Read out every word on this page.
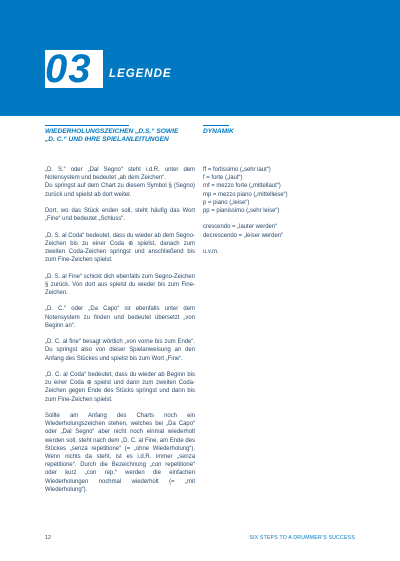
03	LEGENDE
WIEDERHOLUNGSZEICHEN „D.S.“ SOWIE
„D. C.“ UND IHRE SPIELANLEITUNGEN
DYNAMIK

„D. S.“ oder „Dal Segno“ steht i.d.R. unter dem Notensystem und bedeutet „ab dem Zeichen“.

Du springst auf dem Chart zu diesem Symbol § (Segno) zurück und spielst ab dort weiter.

Dort, wo das Stück enden soll, steht häufig das Wort „Fine“ und bedeutet „Schluss“.

„D. S. al Coda“ bedeutet, dass du wieder ab dem Segno-Zeichen bis zu einer Coda ⊕ spielst, danach zum zweiten Coda-Zeichen springst und anschließend bis zum Fine-Zeichen spielst.

„D. S. al Fine“ schickt dich ebenfalls zum Segno-Zeichen § zurück. Von dort aus spielst du wieder bis zum Fine-Zeichen.

„D. C.“ oder „Da Capo“ ist ebenfalls unter dem Notensystem zu finden und bedeutet übersetzt „von Beginn an“.

„D. C. al fine“ besagt wörtlich „von vorne bis zum Ende“. Du springst also von dieser Spielanweisung an den Anfang des Stückes und spielst bis zum Wort „Fine“.

„D. C. al Coda“ bedeutet, dass du wieder ab Beginn bis zu einer Coda ⊕ spielst und dann zum zweiten Coda-Zeichen gegen Ende des Stücks springst und dann bis zum Fine-Zeichen spielst.

Sollte am Anfang des Charts noch ein Wiederholungszeichen stehen, welches bei „Da Capo“ oder „Dal Segno“ aber nicht noch einmal wiederholt werden soll, steht nach dem „D. C. al Fine, am Ende des Stückes „senza repetitione“ (= „ohne Wiederholung“). Wenn nichts da steht, ist es i.d.R. immer „senza repetitione“. Durch die Bezeichnung „con repetitione“ oder kurz „con rep.“ werden die einfachen Wiederholungen nochmal wiederholt (= „mit Wiederholung“).

ff = fortissimo („sehr laut“)
f = forte („laut“)
mf = mezzo forte („mittellaut“)
mp = mezzo piano („mittelleise“)
p = piano („leise“)
pp = pianissimo („sehr leise“)
crescendo = „lauter werden“
decrescendo = „leiser werden“
u.v.m.
12	SIX STEPS TO A DRUMMER’S SUCCESS
